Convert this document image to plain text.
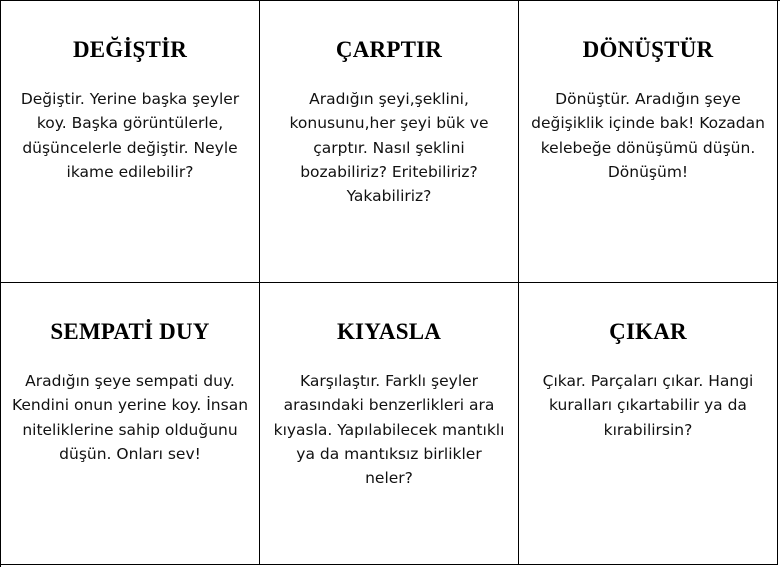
DEĞİŞTİR

Değiştir. Yerine başka şeyler koy. Başka görüntülerle, düşüncelerle değiştir. Neyle ikame edilebilir?

ÇARPTIR

Aradığın şeyi,şeklini, konusunu,her şeyi bük ve çarptır. Nasıl şeklini bozabiliriz? Eritebiliriz? Yakabiliriz?

DÖNÜŞTÜR

Dönüştür. Aradığın şeye değişiklik içinde bak! Kozadan kelebeğe dönüşümü düşün. Dönüşüm!

SEMPATİ DUY

Aradığın şeye sempati duy. Kendini onun yerine koy. İnsan niteliklerine sahip olduğunu düşün. Onları sev!

KIYASLA

Karşılaştır. Farklı şeyler arasındaki benzerlikleri ara kıyasla. Yapılabilecek mantıklı ya da mantıksız birlikler neler?

ÇIKAR

Çıkar. Parçaları çıkar. Hangi kuralları çıkartabilir ya da kırabilirsin?
